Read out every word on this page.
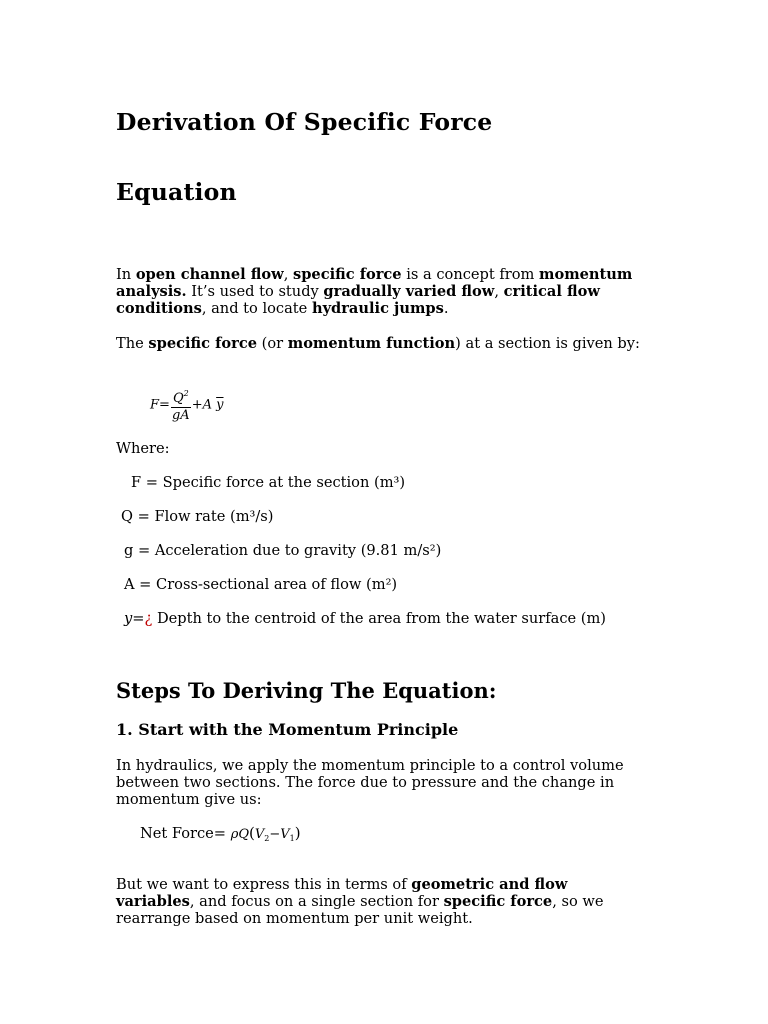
Derivation Of Specific Force
Equation
In open channel flow, specific force is a concept from momentum analysis. It’s used to study gradually varied flow, critical flow conditions, and to locate hydraulic jumps.
The specific force (or momentum function) at a section is given by:
$F= \frac{Q^2}{gA} +A$ $\overline{y}$
Where:
F = Specific force at the section (m³)
Q = Flow rate (m³/s)
g = Acceleration due to gravity (9.81 m/s²)
A = Cross-sectional area of flow (m²)
y=¿ Depth to the centroid of the area from the water surface (m)
Steps To Deriving The Equation:
1. Start with the Momentum Principle
In hydraulics, we apply the momentum principle to a control volume between two sections. The force due to pressure and the change in momentum give us:
Net Force= $\rho Q(V_2-V_1)$
But we want to express this in terms of geometric and flow variables, and focus on a single section for specific force, so we rearrange based on momentum per unit weight.
